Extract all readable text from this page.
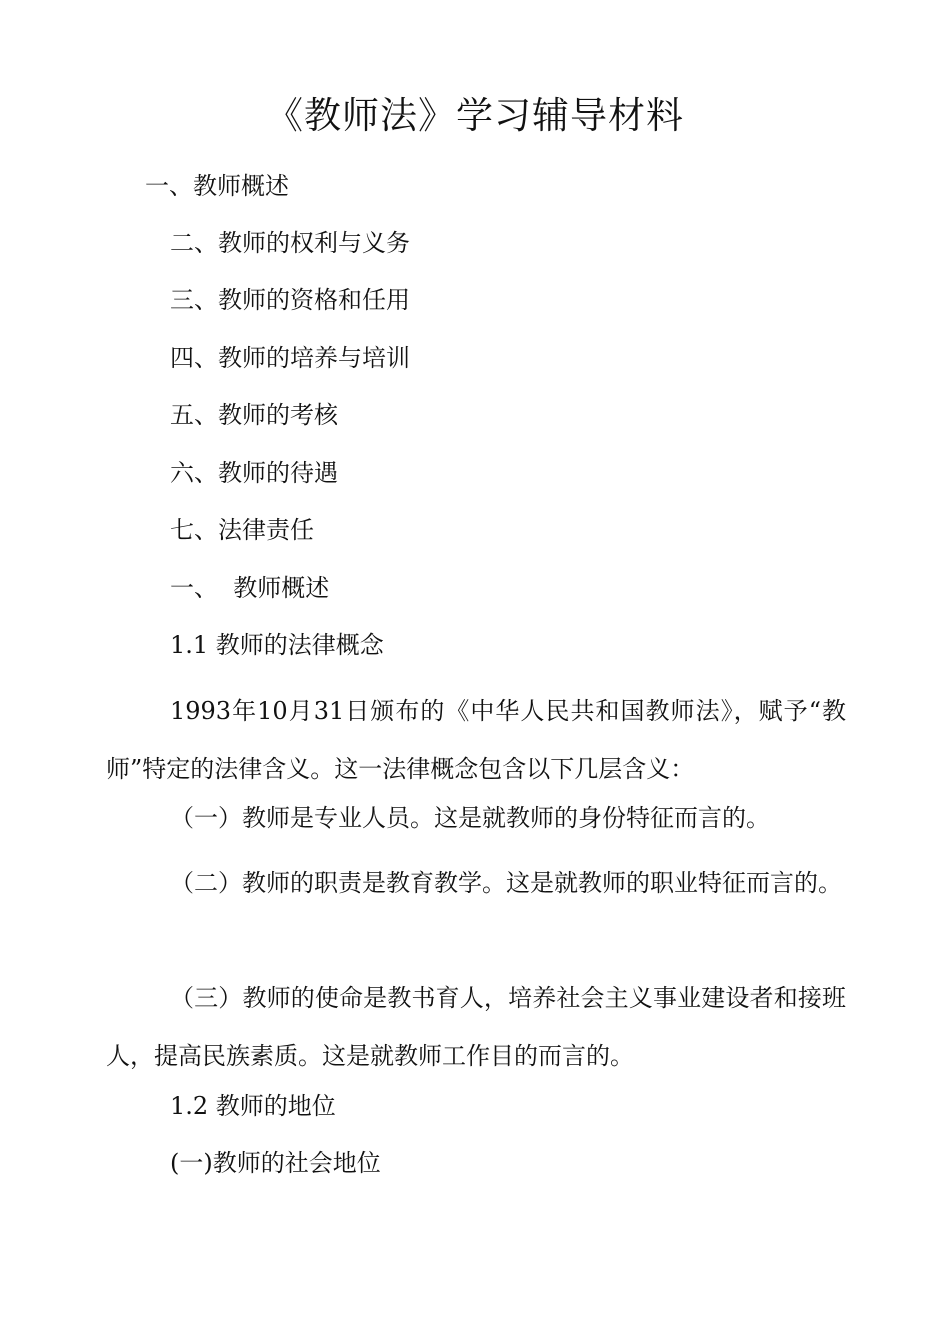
《教师法》学习辅导材料
一、教师概述
二、教师的权利与义务
三、教师的资格和任用
四、教师的培养与培训
五、教师的考核
六、教师的待遇
七、法律责任
一、  教师概述
1.1 教师的法律概念
1993年10月31日颁布的《中华人民共和国教师法》，赋予“教师”特定的法律含义。这一法律概念包含以下几层含义：
（一）教师是专业人员。这是就教师的身份特征而言的。
（二）教师的职责是教育教学。这是就教师的职业特征而言的。
（三）教师的使命是教书育人，培养社会主义事业建设者和接班人，提高民族素质。这是就教师工作目的而言的。
1.2 教师的地位
(一)教师的社会地位
